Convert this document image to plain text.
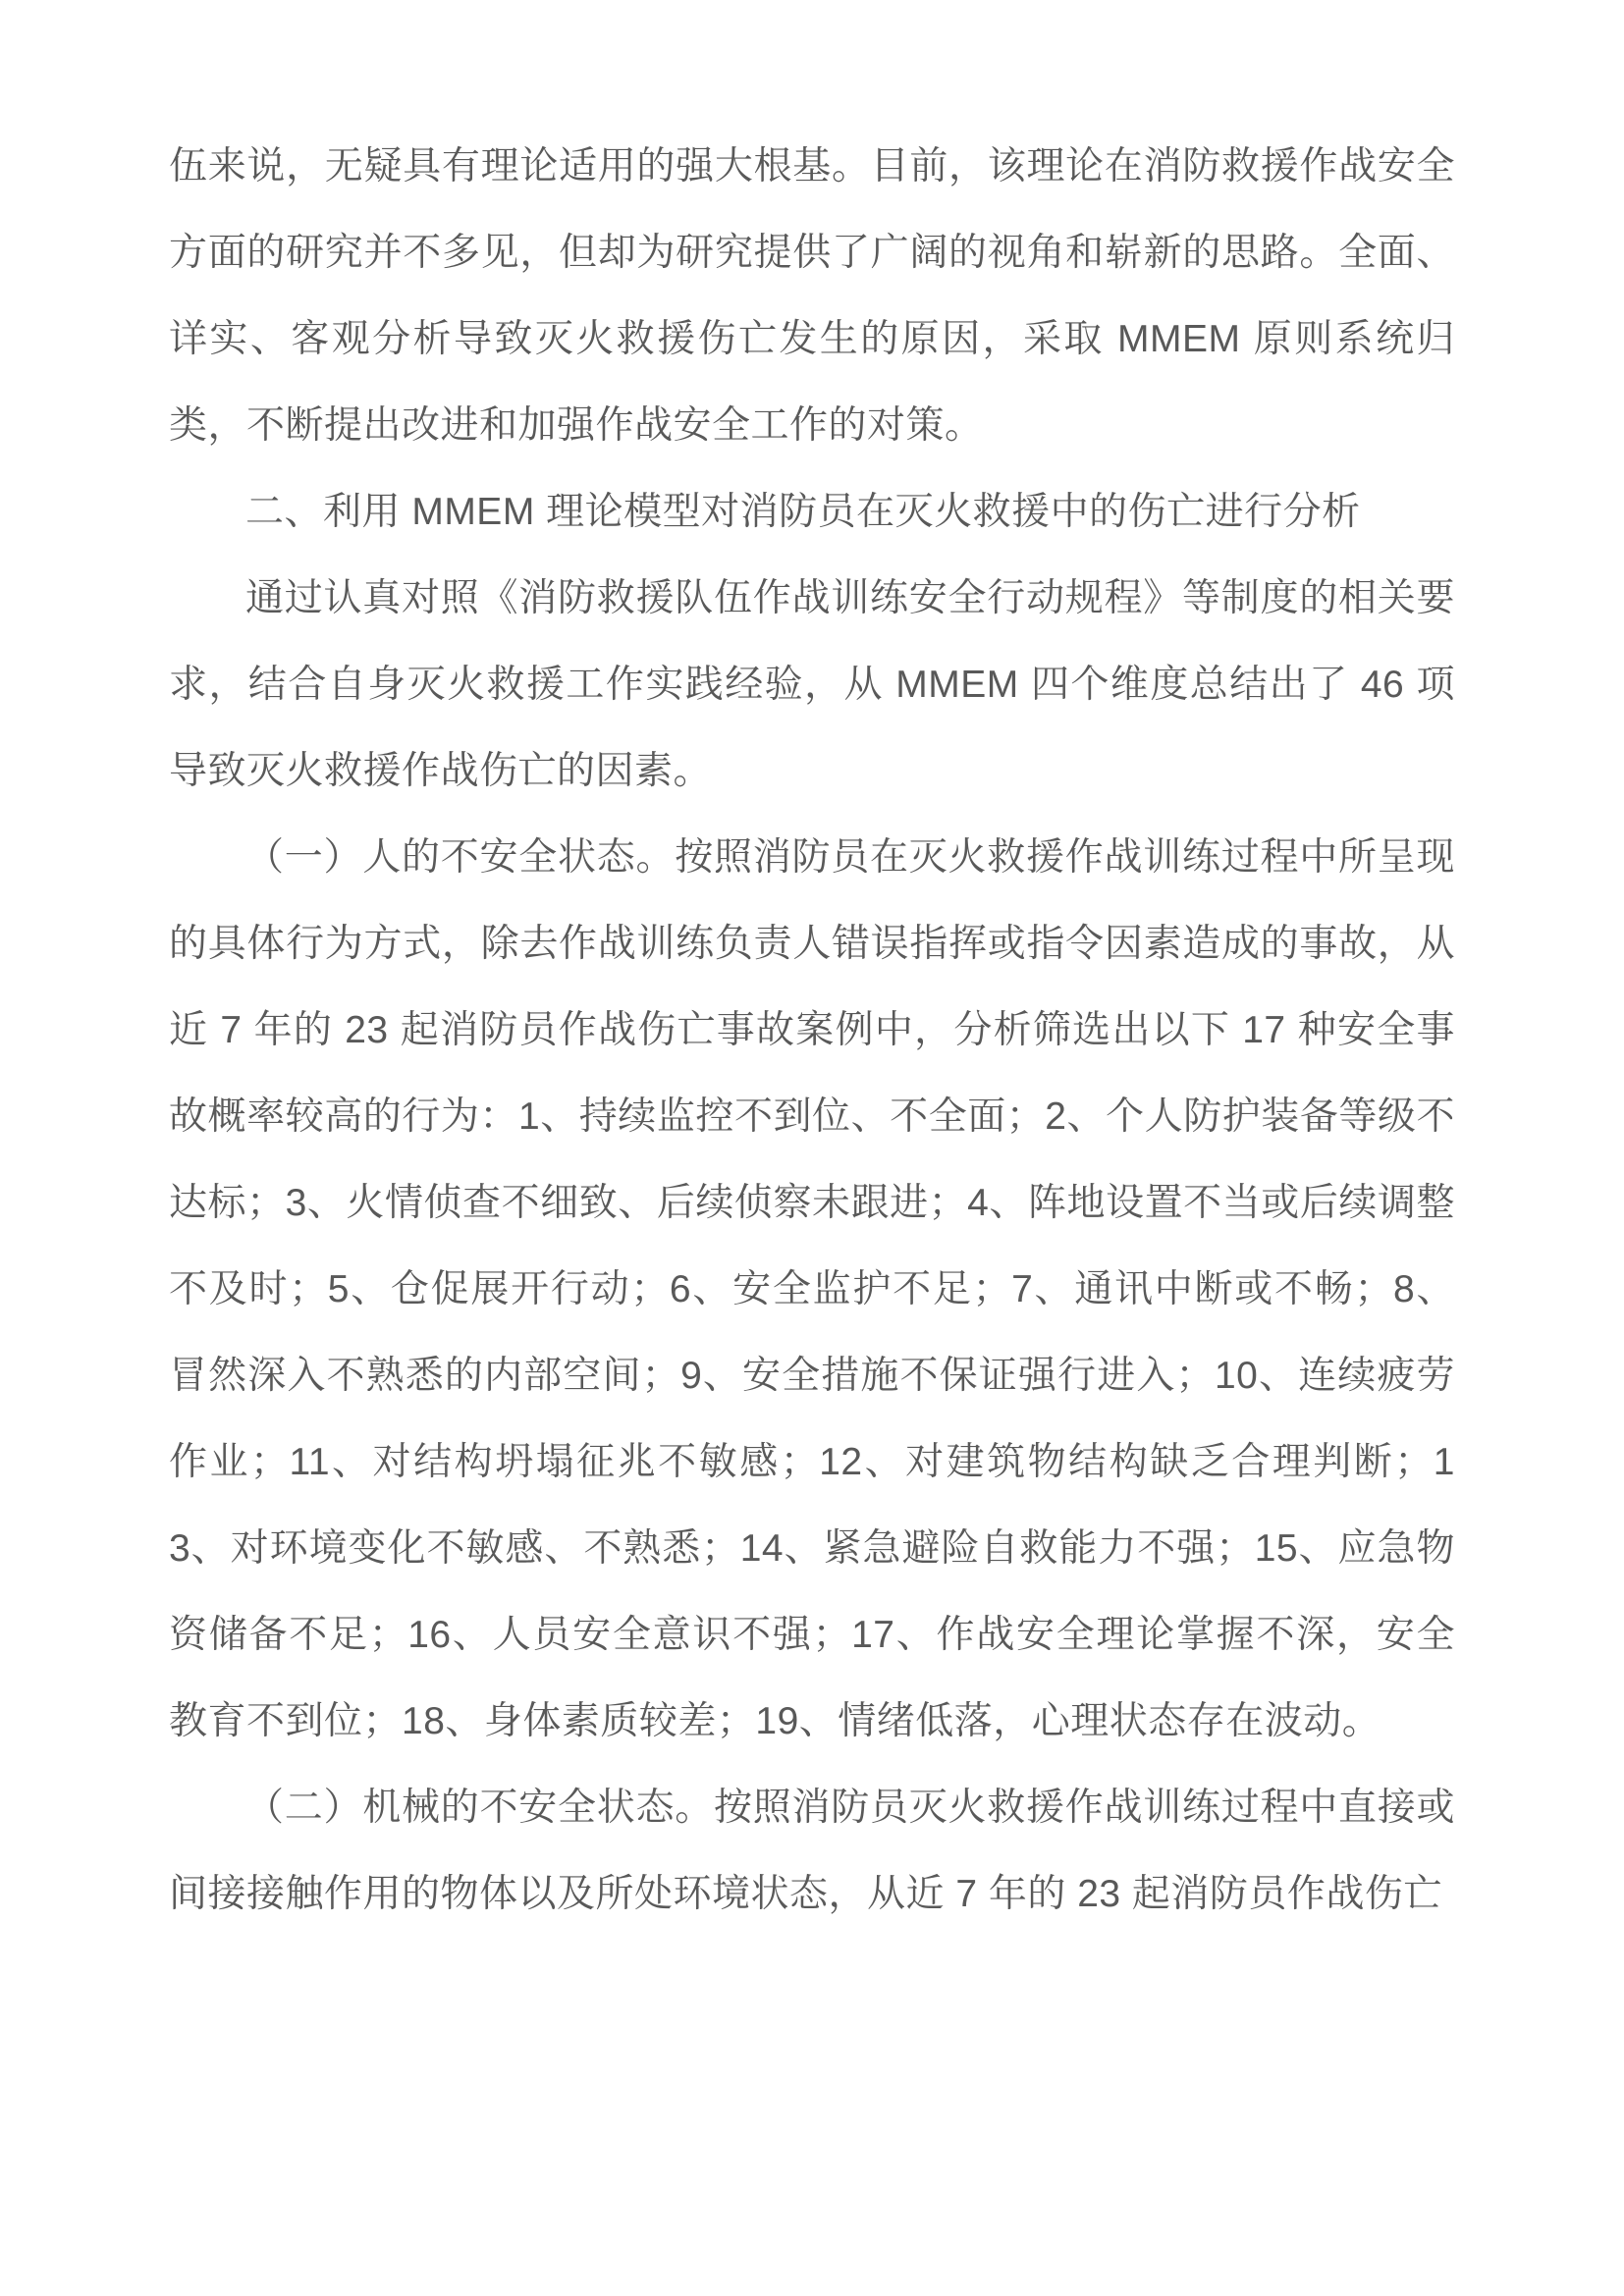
伍来说，无疑具有理论适用的强大根基。目前，该理论在消防救援作战安全方面的研究并不多见，但却为研究提供了广阔的视角和崭新的思路。全面、详实、客观分析导致灭火救援伤亡发生的原因，采取 MMEM 原则系统归类，不断提出改进和加强作战安全工作的对策。

二、利用 MMEM 理论模型对消防员在灭火救援中的伤亡进行分析

通过认真对照《消防救援队伍作战训练安全行动规程》等制度的相关要求，结合自身灭火救援工作实践经验，从 MMEM 四个维度总结出了 46 项导致灭火救援作战伤亡的因素。

（一）人的不安全状态。按照消防员在灭火救援作战训练过程中所呈现的具体行为方式，除去作战训练负责人错误指挥或指令因素造成的事故，从近 7 年的 23 起消防员作战伤亡事故案例中，分析筛选出以下 17 种安全事故概率较高的行为：1、持续监控不到位、不全面；2、个人防护装备等级不达标；3、火情侦查不细致、后续侦察未跟进；4、阵地设置不当或后续调整不及时；5、仓促展开行动；6、安全监护不足；7、通讯中断或不畅；8、冒然深入不熟悉的内部空间；9、安全措施不保证强行进入；10、连续疲劳作业；11、对结构坍塌征兆不敏感；12、对建筑物结构缺乏合理判断；13、对环境变化不敏感、不熟悉；14、紧急避险自救能力不强；15、应急物资储备不足；16、人员安全意识不强；17、作战安全理论掌握不深，安全教育不到位；18、身体素质较差；19、情绪低落，心理状态存在波动。

（二）机械的不安全状态。按照消防员灭火救援作战训练过程中直接或间接接触作用的物体以及所处环境状态，从近 7 年的 23 起消防员作战伤亡
